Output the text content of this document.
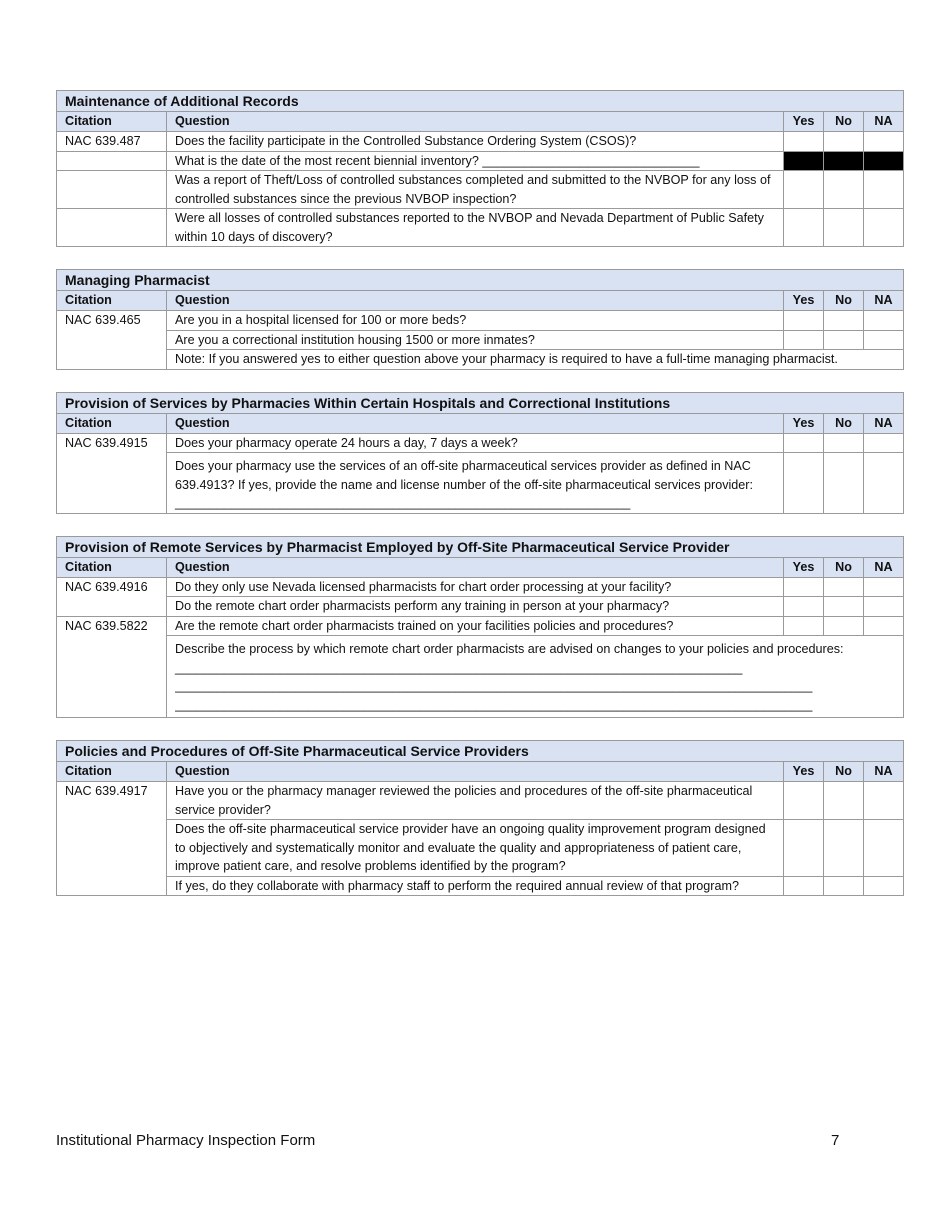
Maintenance of Additional Records				
Citation	Question	Yes	No	NA
NAC 639.487	Does the facility participate in the Controlled Substance Ordering System (CSOS)?			
	What is the date of the most recent biennial inventory? _______________________________			
	Was a report of Theft/Loss of controlled substances completed and submitted to the NVBOP for any loss of controlled substances since the previous NVBOP inspection?			
	Were all losses of controlled substances reported to the NVBOP and Nevada Department of Public Safety within 10 days of discovery?			
Managing Pharmacist				
Citation	Question	Yes	No	NA
NAC 639.465	Are you in a hospital licensed for 100 or more beds?			
	Are you a correctional institution housing 1500 or more inmates?			
	Note: If you answered yes to either question above your pharmacy is required to have a full-time managing pharmacist.			
Provision of Services by Pharmacies Within Certain Hospitals and Correctional Institutions				
Citation	Question	Yes	No	NA
NAC 639.4915	Does your pharmacy operate 24 hours a day, 7 days a week?			
	Does your pharmacy use the services of an off-site pharmaceutical services provider as defined in NAC 639.4913? If yes, provide the name and license number of the off-site pharmaceutical services provider: _________________________________________________________________			
Provision of Remote Services by Pharmacist Employed by Off-Site Pharmaceutical Service Provider				
Citation	Question	Yes	No	NA
NAC 639.4916	Do they only use Nevada licensed pharmacists for chart order processing at your facility?			
	Do the remote chart order pharmacists perform any training in person at your pharmacy?			
NAC 639.5822	Are the remote chart order pharmacists trained on your facilities policies and procedures?			

	Describe the process by which remote chart order pharmacists are advised on changes to your policies and procedures: _________________________________________________________________________________
___________________________________________________________________________________________
___________________________________________________________________________________________			
Policies and Procedures of Off-Site Pharmaceutical Service Providers				
Citation	Question	Yes	No	NA
NAC 639.4917	Have you or the pharmacy manager reviewed the policies and procedures of the off-site pharmaceutical service provider?			
	Does the off-site pharmaceutical service provider have an ongoing quality improvement program designed to objectively and systematically monitor and evaluate the quality and appropriateness of patient care, improve patient care, and resolve problems identified by the program?			
	If yes, do they collaborate with pharmacy staff to perform the required annual review of that program?			
Institutional Pharmacy Inspection Form	7
